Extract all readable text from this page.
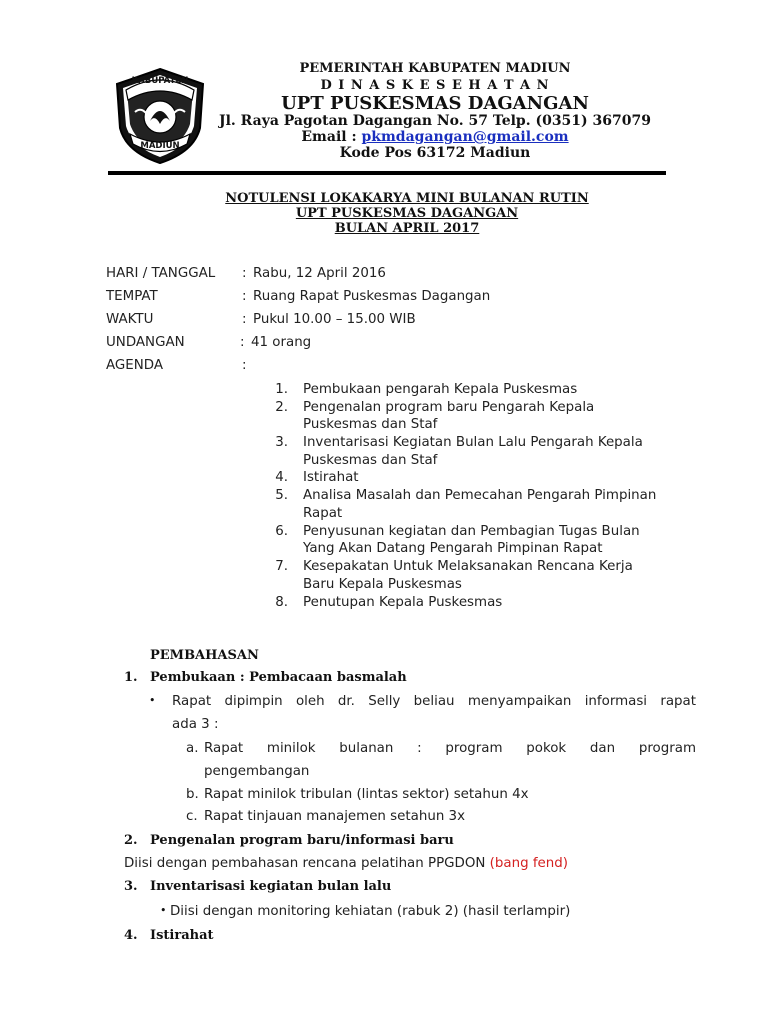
KABUPATEN
MADIUN
PEMERINTAH KABUPATEN MADIUN
D I N A S K E S E H A T A N
UPT PUSKESMAS DAGANGAN
Jl. Raya Pagotan Dagangan No. 57 Telp. (0351) 367079
Email : pkmdagangan@gmail.com
Kode Pos 63172 Madiun
NOTULENSI LOKAKARYA MINI BULANAN RUTIN
UPT PUSKESMAS DAGANGAN
BULAN APRIL 2017
HARI / TANGGAL : Rabu, 12 April 2016
TEMPAT	: Ruang Rapat Puskesmas Dagangan
WAKTU	: Pukul 10.00 – 15.00 WIB
UNDANGAN	: 41 orang
AGENDA	:
1. Pembukaan pengarah Kepala Puskesmas
2. Pengenalan program baru Pengarah Kepala
Puskesmas dan Staf
3. Inventarisasi Kegiatan Bulan Lalu Pengarah Kepala
Puskesmas dan Staf
4. Istirahat
5. Analisa Masalah dan Pemecahan Pengarah Pimpinan
Rapat
6. Penyusunan kegiatan dan Pembagian Tugas Bulan
Yang Akan Datang Pengarah Pimpinan Rapat
7. Kesepakatan Untuk Melaksanakan Rencana Kerja
Baru Kepala Puskesmas
8. Penutupan Kepala Puskesmas
PEMBAHASAN
1. Pembukaan : Pembacaan basmalah
• Rapat dipimpin oleh dr. Selly beliau menyampaikan informasi rapat
ada 3 :
a. Rapat minilok bulanan : program pokok dan program
pengembangan
b. Rapat minilok tribulan (lintas sektor) setahun 4x
c. Rapat tinjauan manajemen setahun 3x
2. Pengenalan program baru/informasi baru
Diisi dengan pembahasan rencana pelatihan PPGDON (bang fend)
3. Inventarisasi kegiatan bulan lalu
• Diisi dengan monitoring kehiatan (rabuk 2) (hasil terlampir)
4. Istirahat
